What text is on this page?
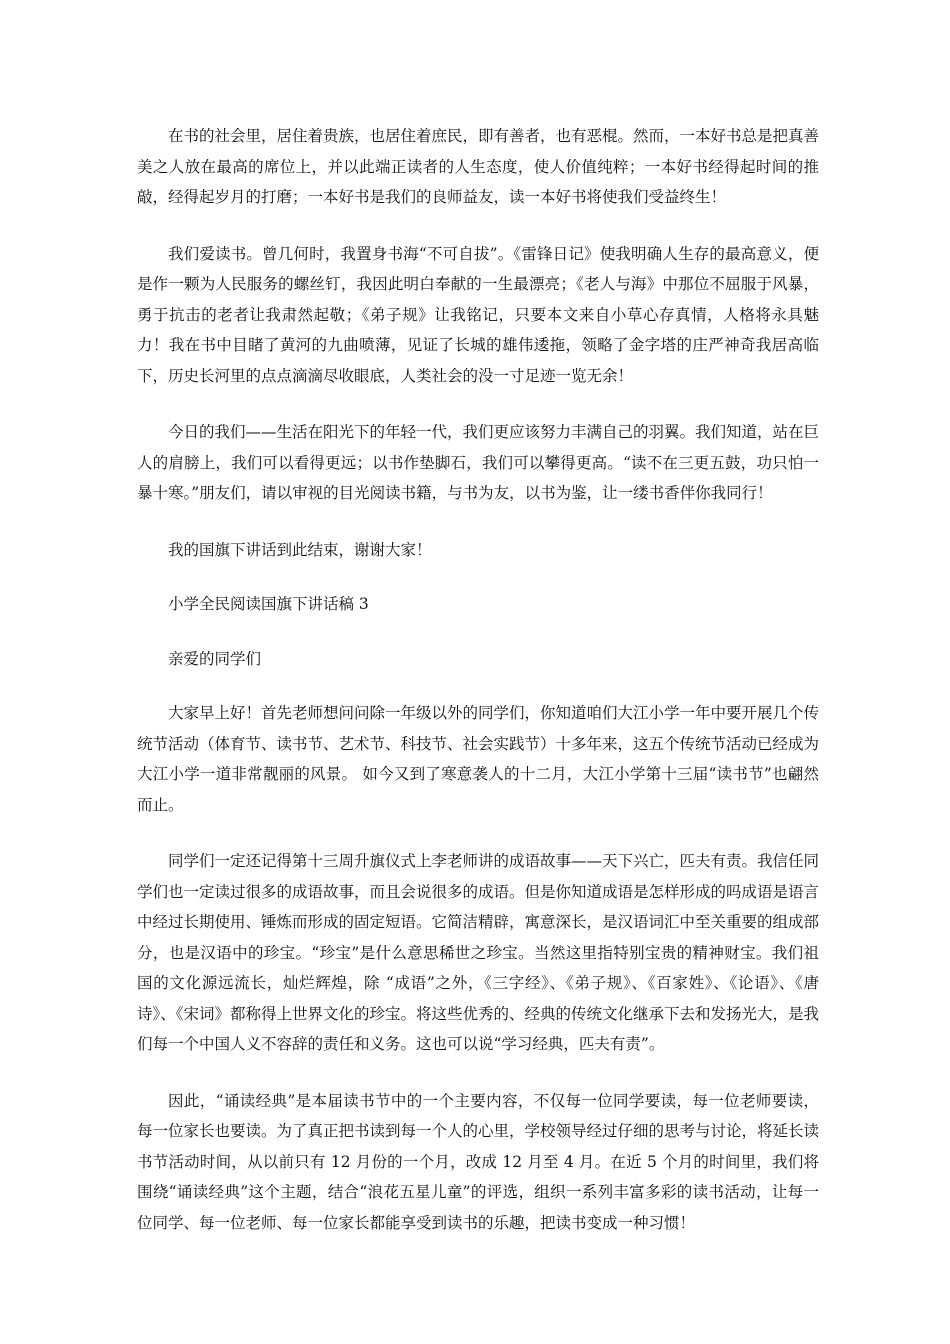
在书的社会里，居住着贵族，也居住着庶民，即有善者，也有恶棍。然而，一本好书总是把真善美之人放在最高的席位上，并以此端正读者的人生态度，使人价值纯粹；一本好书经得起时间的推敲，经得起岁月的打磨；一本好书是我们的良师益友，读一本好书将使我们受益终生！

我们爱读书。曾几何时，我置身书海“不可自拔”。《雷锋日记》使我明确人生存的最高意义，便是作一颗为人民服务的螺丝钉，我因此明白奉献的一生最漂亮；《老人与海》中那位不屈服于风暴，勇于抗击的老者让我肃然起敬；《弟子规》让我铭记，只要本文来自小草心存真情，人格将永具魅力！我在书中目睹了黄河的九曲喷薄，见证了长城的雄伟逶拖，领略了金字塔的庄严神奇我居高临下，历史长河里的点点滴滴尽收眼底，人类社会的没一寸足迹一览无余！

今日的我们——生活在阳光下的年轻一代，我们更应该努力丰满自己的羽翼。我们知道，站在巨人的肩膀上，我们可以看得更远；以书作垫脚石，我们可以攀得更高。“读不在三更五鼓，功只怕一暴十寒。”朋友们，请以审视的目光阅读书籍，与书为友，以书为鉴，让一缕书香伴你我同行！

我的国旗下讲话到此结束，谢谢大家！

小学全民阅读国旗下讲话稿 3

亲爱的同学们

大家早上好！首先老师想问问除一年级以外的同学们，你知道咱们大江小学一年中要开展几个传统节活动（体育节、读书节、艺术节、科技节、社会实践节）十多年来，这五个传统节活动已经成为大江小学一道非常靓丽的风景。 如今又到了寒意袭人的十二月，大江小学第十三届“读书节”也翩然而止。

同学们一定还记得第十三周升旗仪式上李老师讲的成语故事——天下兴亡，匹夫有责。我信任同学们也一定读过很多的成语故事，而且会说很多的成语。但是你知道成语是怎样形成的吗成语是语言中经过长期使用、锤炼而形成的固定短语。它简洁精辟，寓意深长，是汉语词汇中至关重要的组成部分，也是汉语中的珍宝。“珍宝”是什么意思稀世之珍宝。当然这里指特别宝贵的精神财宝。我们祖国的文化源远流长，灿烂辉煌，除 “成语”之外，《三字经》、《弟子规》、《百家姓》、《论语》、《唐诗》、《宋词》都称得上世界文化的珍宝。将这些优秀的、经典的传统文化继承下去和发扬光大，是我们每一个中国人义不容辞的责任和义务。这也可以说“学习经典，匹夫有责”。

因此，“诵读经典”是本届读书节中的一个主要内容，不仅每一位同学要读，每一位老师要读，每一位家长也要读。为了真正把书读到每一个人的心里，学校领导经过仔细的思考与讨论，将延长读书节活动时间，从以前只有 12 月份的一个月，改成 12 月至 4 月。在近 5 个月的时间里，我们将围绕“诵读经典”这个主题，结合“浪花五星儿童”的评选，组织一系列丰富多彩的读书活动，让每一位同学、每一位老师、每一位家长都能享受到读书的乐趣，把读书变成一种习惯！
